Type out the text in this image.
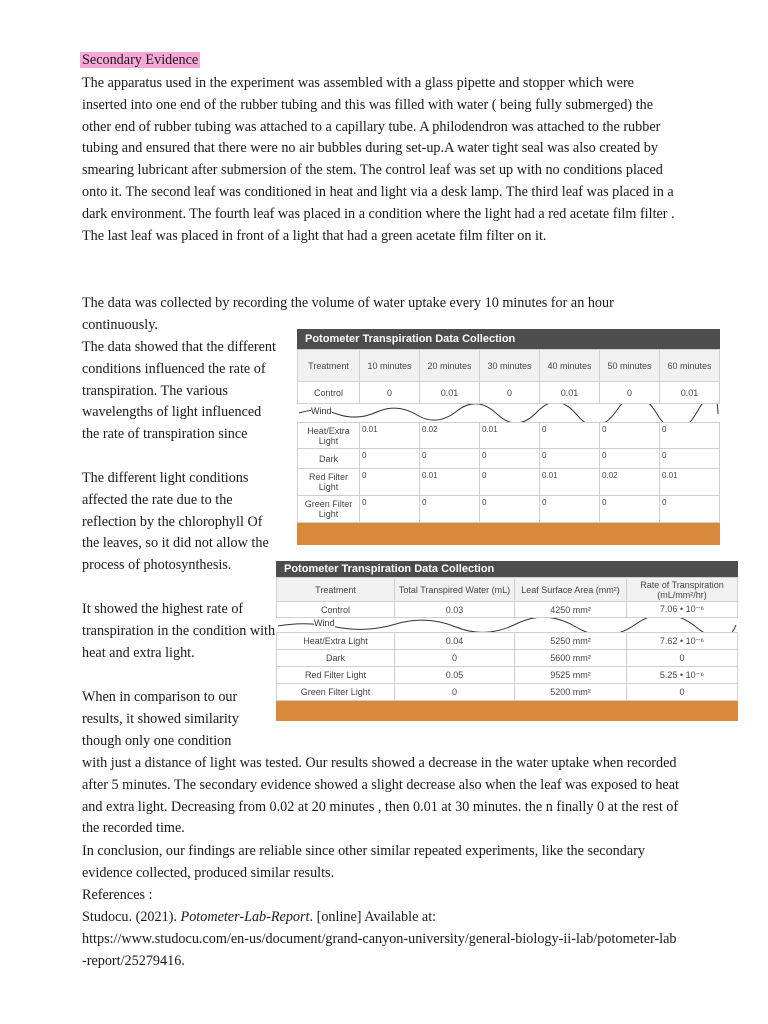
Secondary Evidence

The apparatus used in the experiment was assembled with a glass pipette and stopper which were inserted into one end of the rubber tubing and this was filled with water ( being fully submerged) the other end of rubber tubing was attached to a capillary tube. A philodendron was attached to the rubber tubing and ensured that there were no air bubbles during set-up.A water tight seal was also created by smearing lubricant after submersion of the stem. The control leaf was set up with no conditions placed onto it. The second leaf was conditioned in heat and light via a desk lamp. The third leaf was placed in a dark environment. The fourth leaf was placed in a condition where the light had a red acetate film filter . The last leaf was placed in front of a light that had a green acetate film filter on it.

The data was collected by recording the volume of water uptake every 10 minutes for an hour

continuously.

The data showed that the different conditions influenced the rate of transpiration. The various wavelengths of light influenced the rate of transpiration since

The different light conditions affected the rate due to the reflection by the chlorophyll Of the leaves, so it did not allow the process of photosynthesis.

It showed the highest rate of transpiration in the condition with heat and extra light.

When in comparison to our results, it showed similarity though only one condition

with just a distance of light was tested. Our results showed a decrease in the water uptake when recorded after 5 minutes. The secondary evidence showed a slight decrease also when the leaf was exposed to heat and extra light. Decreasing from 0.02 at 20 minutes , then 0.01 at 30 minutes. the n finally 0 at the rest of the recorded time.

In conclusion, our findings are reliable since other similar repeated experiments, like the secondary evidence collected, produced similar results.

References :

Studocu. (2021). Potometer-Lab-Report. [online] Available at:

https://www.studocu.com/en-us/document/grand-canyon-university/general-biology-ii-lab/potometer-lab-report/25279416.

Potometer Transpiration Data Collection
Treatment	10 minutes	20 minutes	30 minutes	40 minutes	50 minutes	60 minutes
Control	0	0.01	0	0.01	0	0.01
Wind
Heat/Extra Light	0.01	0.02	0.01	0	0	0
Dark	0	0	0	0	0	0
Red Filter Light	0	0.01	0	0.01	0.02	0.01
Green Filter Light	0	0	0	0	0	0
Potometer Transpiration Data Collection
Treatment	Total Transpired Water (mL)	Leaf Surface Area (mm²)	Rate of Transpiration (mL/mm²/hr)
Control	0.03	4250 mm²	7.06 • 10⁻⁶
Wind
Heat/Extra Light	0.04	5250 mm²	7.62 • 10⁻⁶
Dark	0	5600 mm²	0
Red Filter Light	0.05	9525 mm²	5.25 • 10⁻⁶
Green Filter Light	0	5200 mm²	0
